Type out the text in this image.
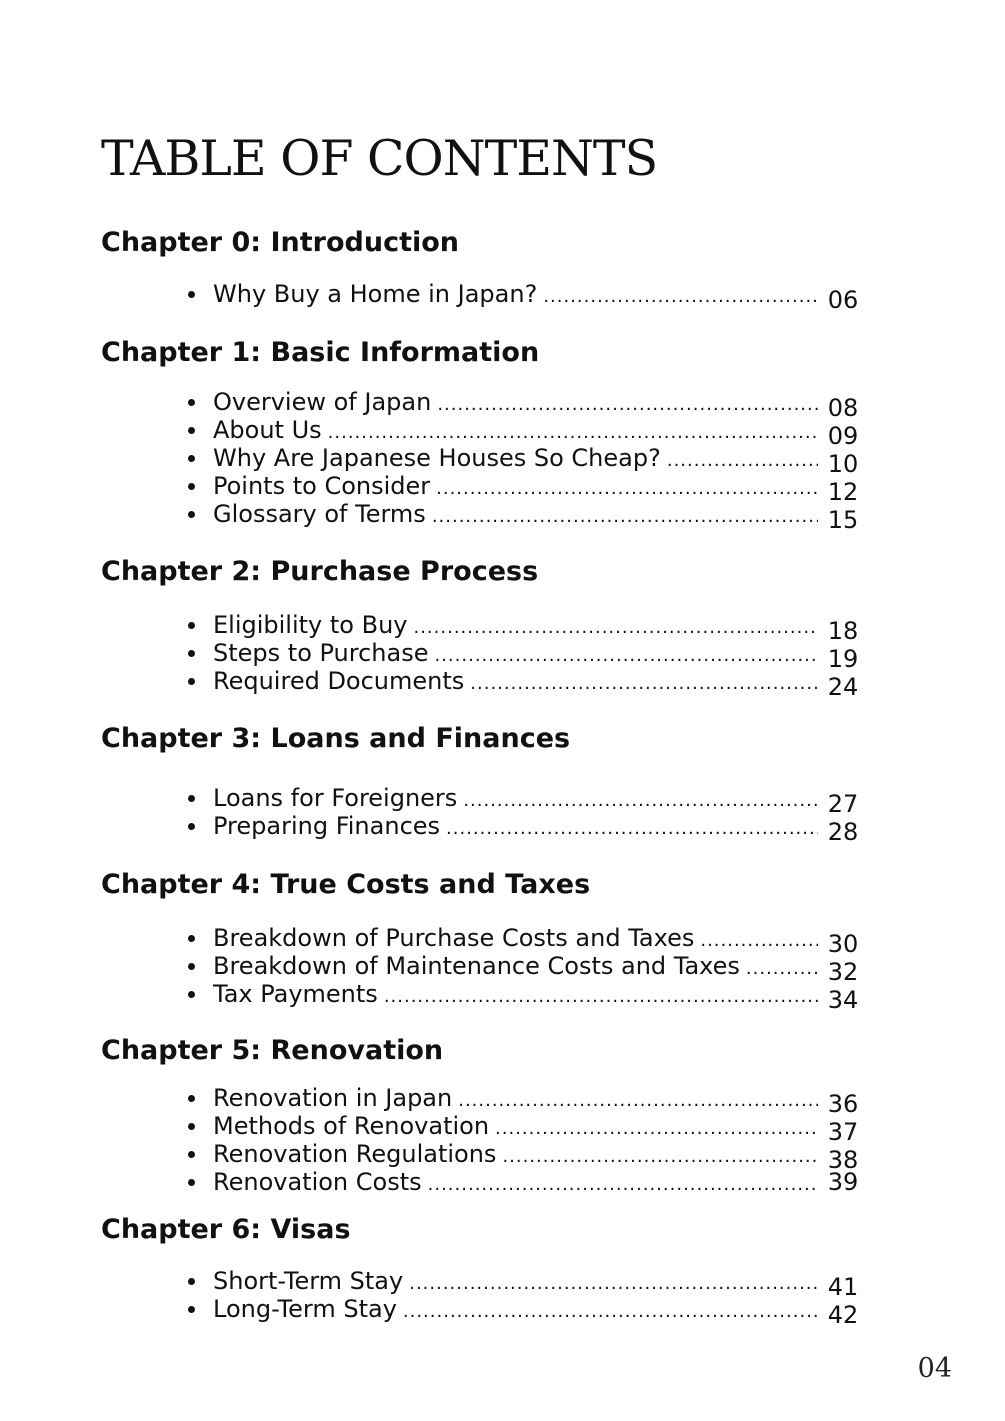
TABLE OF CONTENTS
Chapter 0: Introduction
Why Buy a Home in Japan? .....	06
Chapter 1: Basic Information
Overview of Japan .....	08
About Us .....	09
Why Are Japanese Houses So Cheap? .....	10
Points to Consider .....	12
Glossary of Terms .....	15
Chapter 2: Purchase Process
Eligibility to Buy .....	18
Steps to Purchase .....	19
Required Documents .....	24
Chapter 3: Loans and Finances
Loans for Foreigners .....	27
Preparing Finances .....	28
Chapter 4: True Costs and Taxes
Breakdown of Purchase Costs and Taxes .....	30
Breakdown of Maintenance Costs and Taxes .....	32
Tax Payments .....	34
Chapter 5: Renovation
Renovation in Japan .....	36
Methods of Renovation .....	37
Renovation Regulations .....	38
Renovation Costs .....	39
Chapter 6: Visas
Short-Term Stay .....	41
Long-Term Stay .....	42
04
